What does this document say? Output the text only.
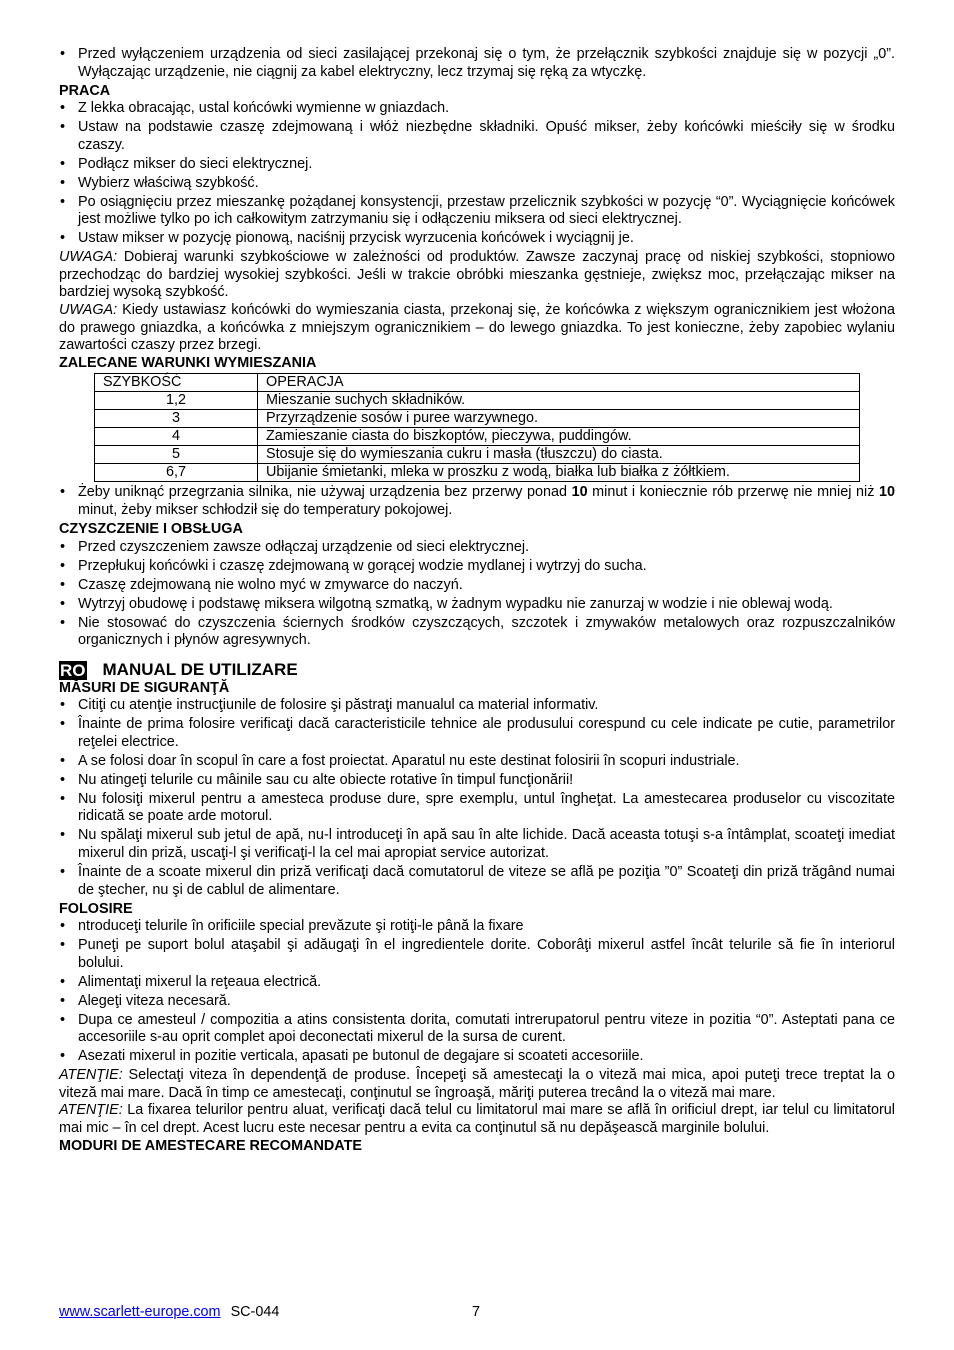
• Przed wyłączeniem urządzenia od sieci zasilającej przekonaj się o tym, że przełącznik szybkości znajduje się w pozycji „0”. Wyłączając urządzenie, nie ciągnij za kabel elektryczny, lecz trzymaj się ręką za wtyczkę.
PRACA
• Z lekka obracając, ustal końcówki wymienne w gniazdach.
• Ustaw na podstawie czaszę zdejmowaną i włóż niezbędne składniki. Opuść mikser, żeby końcówki mieściły się w środku czaszy.
• Podłącz mikser do sieci elektrycznej.
• Wybierz właściwą szybkość.
• Po osiągnięciu przez mieszankę pożądanej konsystencji, przestaw przelicznik szybkości w pozycję “0”. Wyciągnięcie końcówek jest możliwe tylko po ich całkowitym zatrzymaniu się i odłączeniu miksera od sieci elektrycznej.
• Ustaw mikser w pozycję pionową, naciśnij przycisk wyrzucenia końcówek i wyciągnij je.

UWAGA: Dobieraj warunki szybkościowe w zależności od produktów. Zawsze zaczynaj pracę od niskiej szybkości, stopniowo przechodząc do bardziej wysokiej szybkości. Jeśli w trakcie obróbki mieszanka gęstnieje, zwiększ moc, przełączając mikser na bardziej wysoką szybkość.

UWAGA: Kiedy ustawiasz końcówki do wymieszania ciasta, przekonaj się, że końcówka z większym ogranicznikiem jest włożona do prawego gniazdka, a końcówka z mniejszym ogranicznikiem – do lewego gniazdka. To jest konieczne, żeby zapobiec wylaniu zawartości czaszy przez brzegi.

ZALECANE WARUNKI WYMIESZANIA
SZYBKOŚĆ	OPERACJA
1,2	Mieszanie suchych składników.
3	Przyrządzenie sosów i puree warzywnego.
4	Zamieszanie ciasta do biszkoptów, pieczywa, puddingów.
5	Stosuje się do wymieszania cukru i masła (tłuszczu) do ciasta.
6,7	Ubijanie śmietanki, mleka w proszku z wodą, białka lub białka z żółtkiem.
• Żeby uniknąć przegrzania silnika, nie używaj urządzenia bez przerwy ponad 10 minut i koniecznie rób przerwę nie mniej niż 10 minut, żeby mikser schłodził się do temperatury pokojowej.
CZYSZCZENIE I OBSŁUGA
• Przed czyszczeniem zawsze odłączaj urządzenie od sieci elektrycznej.
• Przepłukuj końcówki i czaszę zdejmowaną w gorącej wodzie mydlanej i wytrzyj do sucha.
• Czaszę zdejmowaną nie wolno myć w zmywarce do naczyń.
• Wytrzyj obudowę i podstawę miksera wilgotną szmatką, w żadnym wypadku nie zanurzaj w wodzie i nie oblewaj wodą.
• Nie stosować do czyszczenia ściernych środków czyszczących, szczotek i zmywaków metalowych oraz rozpuszczalników organicznych i płynów agresywnych.
RO MANUAL DE UTILIZARE
MĂSURI DE SIGURANŢĂ
• Citiţi cu atenţie instrucţiunile de folosire şi păstraţi manualul ca material informativ.
• Înainte de prima folosire verificaţi dacă caracteristicile tehnice ale produsului corespund cu cele indicate pe cutie, parametrilor reţelei electrice.
• A se folosi doar în scopul în care a fost proiectat. Aparatul nu este destinat folosirii în scopuri industriale.
• Nu atingeţi telurile cu mâinile sau cu alte obiecte rotative în timpul funcţionării!
• Nu folosiţi mixerul pentru a amesteca produse dure, spre exemplu, untul îngheţat. La amestecarea produselor cu viscozitate ridicată se poate arde motorul.
• Nu spălaţi mixerul sub jetul de apă, nu-l introduceţi în apă sau în alte lichide. Dacă aceasta totuşi s-a întâmplat, scoateţi imediat mixerul din priză, uscaţi-l şi verificaţi-l la cel mai apropiat service autorizat.
• Înainte de a scoate mixerul din priză verificaţi dacă comutatorul de viteze se află pe poziţia ”0” Scoateţi din priză trăgând numai de ştecher, nu şi de cablul de alimentare.
FOLOSIRE
• ntroduceţi telurile în orificiile special prevăzute şi rotiţi-le până la fixare
• Puneţi pe suport bolul ataşabil şi adăugaţi în el ingredientele dorite. Coborâţi mixerul astfel încât telurile să fie în interiorul bolului.
• Alimentaţi mixerul la reţeaua electrică.
• Alegeţi viteza necesară.
• Dupa ce amesteul / compozitia a atins consistenta dorita, comutati intrerupatorul pentru viteze in pozitia “0”. Asteptati pana ce accesoriile s-au oprit complet apoi deconectati mixerul de la sursa de curent.
• Asezati mixerul in pozitie verticala, apasati pe butonul de degajare si scoateti accesoriile.

ATENŢIE: Selectaţi viteza în dependenţă de produse. Începeţi să amestecaţi la o viteză mai mica, apoi puteţi trece treptat la o viteză mai mare. Dacă în timp ce amestecaţi, conţinutul se îngroaşă, măriţi puterea trecând la o viteză mai mare.

ATENŢIE: La fixarea telurilor pentru aluat, verificaţi dacă telul cu limitatorul mai mare se află în orificiul drept, iar telul cu limitatorul mai mic – în cel drept. Acest lucru este necesar pentru a evita ca conţinutul să nu depăşească marginile bolului.

MODURI DE AMESTECARE RECOMANDATE
www.scarlett-europe.com SC-044	7
